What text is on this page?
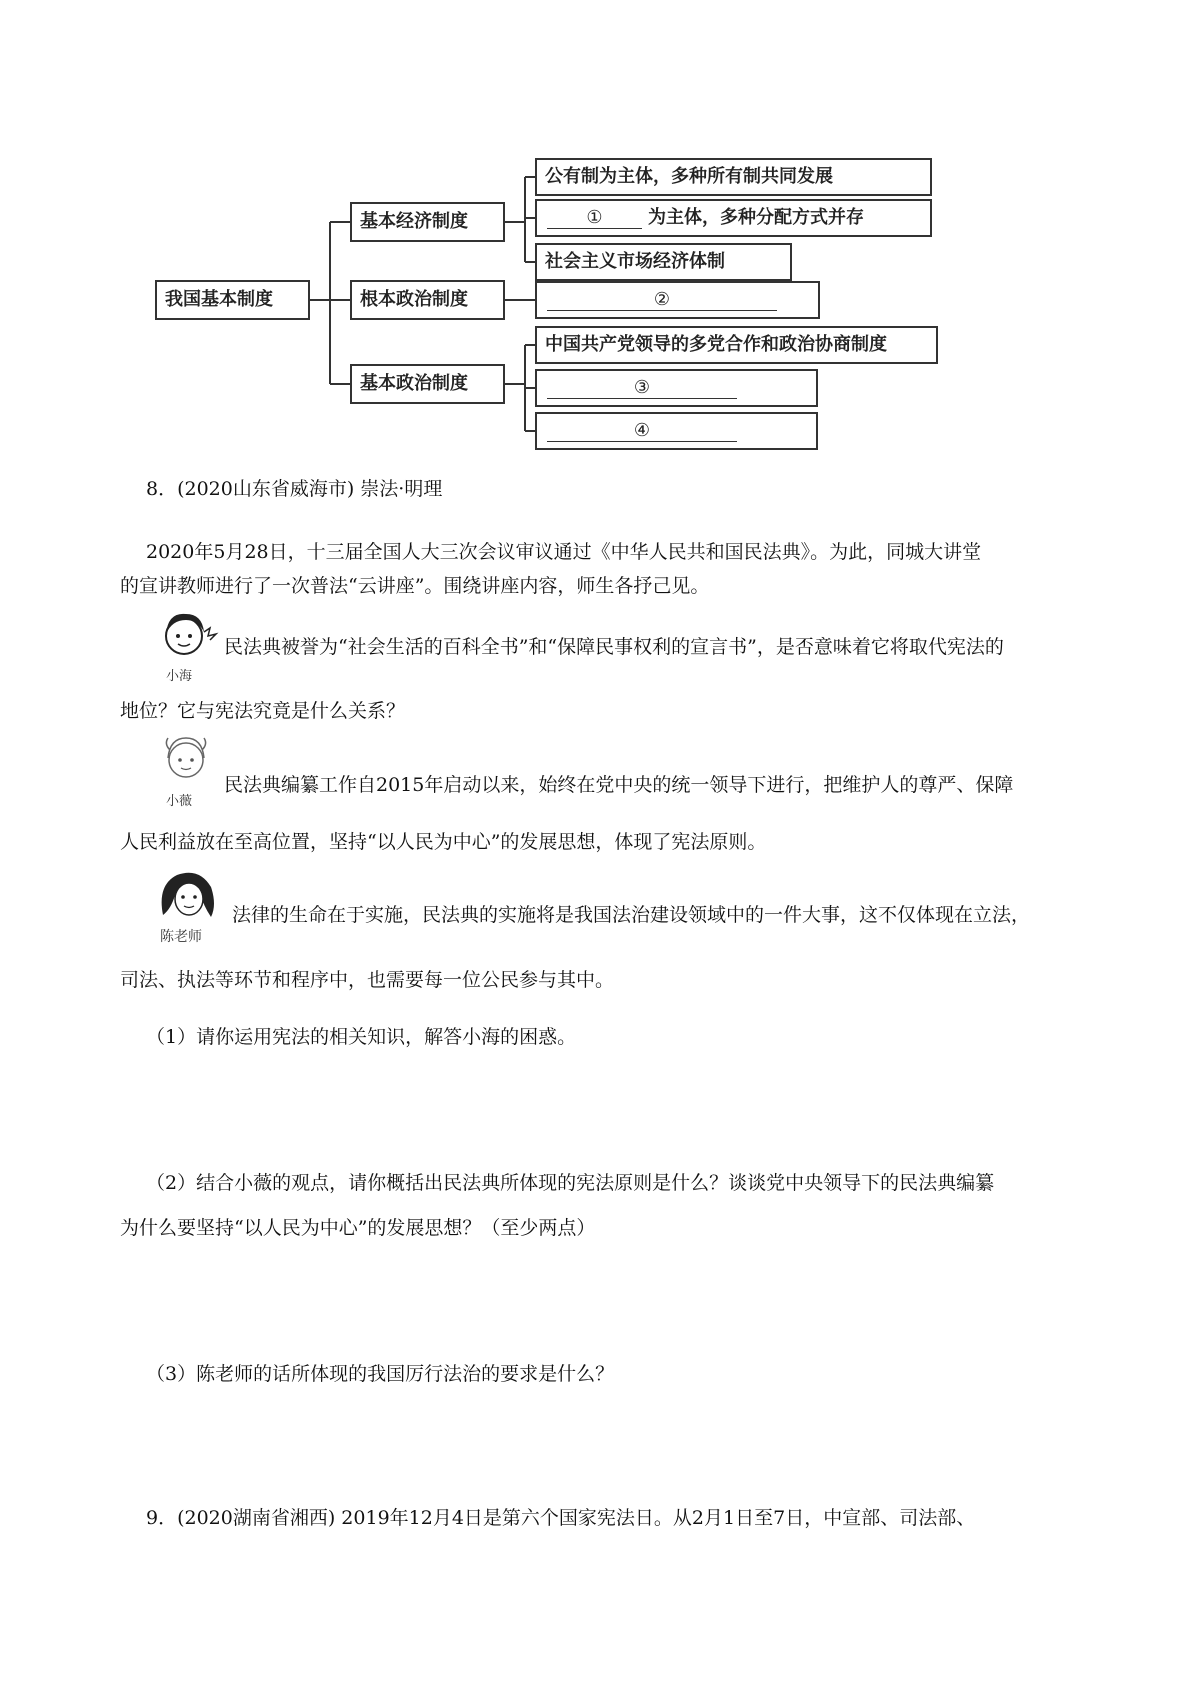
我国基本制度
基本经济制度
根本政治制度
基本政治制度
公有制为主体，多种所有制共同发展
①	为主体，多种分配方式并存
社会主义市场经济体制
②
中国共产党领导的多党合作和政治协商制度
③
④
8．(2020山东省威海市) 崇法·明理
2020年5月28日，十三届全国人大三次会议审议通过《中华人民共和国民法典》。为此，同城大讲堂
的宣讲教师进行了一次普法“云讲座”。围绕讲座内容，师生各抒己见。
小海
民法典被誉为“社会生活的百科全书”和“保障民事权利的宣言书”，是否意味着它将取代宪法的
地位？它与宪法究竟是什么关系？
小薇
民法典编纂工作自2015年启动以来，始终在党中央的统一领导下进行，把维护人的尊严、保障
人民利益放在至高位置，坚持“以人民为中心”的发展思想，体现了宪法原则。
陈老师
法律的生命在于实施，民法典的实施将是我国法治建设领域中的一件大事，这不仅体现在立法，
司法、执法等环节和程序中，也需要每一位公民参与其中。
（1）请你运用宪法的相关知识，解答小海的困惑。
（2）结合小薇的观点，请你概括出民法典所体现的宪法原则是什么？谈谈党中央领导下的民法典编纂
为什么要坚持“以人民为中心”的发展思想？（至少两点）
（3）陈老师的话所体现的我国厉行法治的要求是什么？
9．(2020湖南省湘西) 2019年12月4日是第六个国家宪法日。从2月1日至7日，中宣部、司法部、
